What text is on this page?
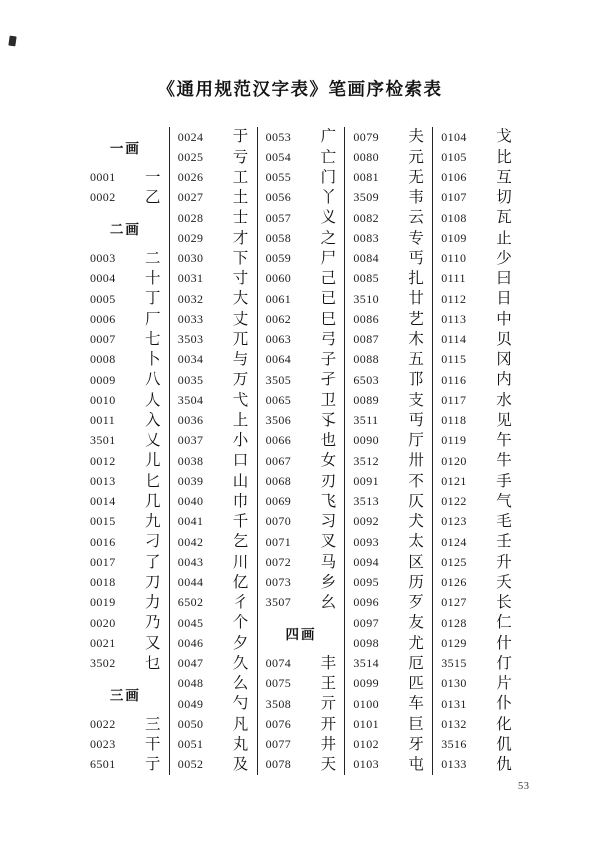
《通用规范汉字表》笔画序检索表
一画
0001	一
0002	乙
二画
0003	二
0004	十
0005	丁
0006	厂
0007	七
0008	卜
0009	八
0010	人
0011	入
3501	乂
0012	儿
0013	匕
0014	几
0015	九
0016	刁
0017	了
0018	刀
0019	力
0020	乃
0021	又
3502	乜
三画
0022	三
0023	干
6501	亍
0024	于
0025	亏
0026	工
0027	土
0028	士
0029	才
0030	下
0031	寸
0032	大
0033	丈
3503	兀
0034	与
0035	万
3504	弋
0036	上
0037	小
0038	口
0039	山
0040	巾
0041	千
0042	乞
0043	川
0044	亿
6502	彳
0045	个
0046	夕
0047	久
0048	么
0049	勺
0050	凡
0051	丸
0052	及
0053	广
0054	亡
0055	门
0056	丫
0057	义
0058	之
0059	尸
0060	己
0061	已
0062	巳
0063	弓
0064	子
3505	孑
0065	卫
3506	孓
0066	也
0067	女
0068	刃
0069	飞
0070	习
0071	叉
0072	马
0073	乡
3507	幺
四画
0074	丰
0075	王
3508	亓
0076	开
0077	井
0078	天
0079	夫
0080	元
0081	无
3509	韦
0082	云
0083	专
0084	丐
0085	扎
3510	廿
0086	艺
0087	木
0088	五
6503	邒
0089	支
3511	丏
0090	厅
3512	卅
0091	不
3513	仄
0092	犬
0093	太
0094	区
0095	历
0096	歹
0097	友
0098	尤
3514	厄
0099	匹
0100	车
0101	巨
0102	牙
0103	屯
0104	戈
0105	比
0106	互
0107	切
0108	瓦
0109	止
0110	少
0111	曰
0112	日
0113	中
0114	贝
0115	冈
0116	内
0117	水
0118	见
0119	午
0120	牛
0121	手
0122	气
0123	毛
0124	壬
0125	升
0126	夭
0127	长
0128	仁
0129	什
3515	仃
0130	片
0131	仆
0132	化
3516	仉
0133	仇
53
